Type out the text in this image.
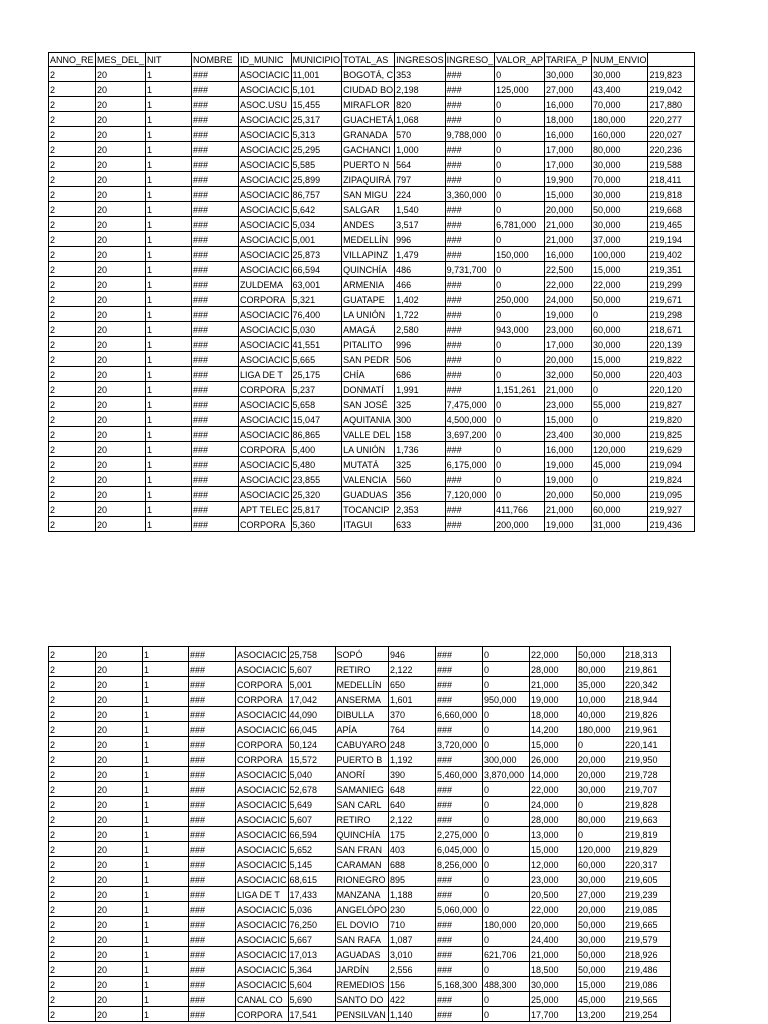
ANNO_RE	MES_DEL_	NIT	NOMBRE	ID_MUNIC	MUNICIPIO	TOTAL_AS	INGRESOS	INGRESO_	VALOR_AP	TARIFA_P	NUM_ENVIO	
2	20	1	###	ASOCIACIC	11,001	BOGOTÁ, C	353	###	0	30,000	30,000	219,823
2	20	1	###	ASOCIACIC	5,101	CIUDAD BO	2,198	###	125,000	27,000	43,400	219,042
2	20	1	###	ASOC.USU	15,455	MIRAFLOR	820	###	0	16,000	70,000	217,880
2	20	1	###	ASOCIACIC	25,317	GUACHETÁ	1,068	###	0	18,000	180,000	220,277
2	20	1	###	ASOCIACIC	5,313	GRANADA	570	9,788,000	0	16,000	160,000	220,027
2	20	1	###	ASOCIACIC	25,295	GACHANCI	1,000	###	0	17,000	80,000	220,236
2	20	1	###	ASOCIACIC	5,585	PUERTO N	564	###	0	17,000	30,000	219,588
2	20	1	###	ASOCIACIC	25,899	ZIPAQUIRÁ	797	###	0	19,900	70,000	218,411
2	20	1	###	ASOCIACIC	86,757	SAN MIGU	224	3,360,000	0	15,000	30,000	219,818
2	20	1	###	ASOCIACIC	5,642	SALGAR	1,540	###	0	20,000	50,000	219,668
2	20	1	###	ASOCIACIC	5,034	ANDES	3,517	###	6,781,000	21,000	30,000	219,465
2	20	1	###	ASOCIACIC	5,001	MEDELLÍN	996	###	0	21,000	37,000	219,194
2	20	1	###	ASOCIACIC	25,873	VILLAPINZ	1,479	###	150,000	16,000	100,000	219,402
2	20	1	###	ASOCIACIC	66,594	QUINCHÍA	486	9,731,700	0	22,500	15,000	219,351
2	20	1	###	ZULDEMA	63,001	ARMENIA	466	###	0	22,000	22,000	219,299
2	20	1	###	CORPORA	5,321	GUATAPE	1,402	###	250,000	24,000	50,000	219,671
2	20	1	###	ASOCIACIC	76,400	LA UNIÓN	1,722	###	0	19,000	0	219,298
2	20	1	###	ASOCIACIC	5,030	AMAGÁ	2,580	###	943,000	23,000	60,000	218,671
2	20	1	###	ASOCIACIC	41,551	PITALITO	996	###	0	17,000	30,000	220,139
2	20	1	###	ASOCIACIC	5,665	SAN PEDR	506	###	0	20,000	15,000	219,822
2	20	1	###	LIGA DE T	25,175	CHÍA	686	###	0	32,000	50,000	220,403
2	20	1	###	CORPORA	5,237	DONMATÍ	1,991	###	1,151,261	21,000	0	220,120
2	20	1	###	ASOCIACIC	5,658	SAN JOSÉ	325	7,475,000	0	23,000	55,000	219,827
2	20	1	###	ASOCIACIC	15,047	AQUITANIA	300	4,500,000	0	15,000	0	219,820
2	20	1	###	ASOCIACIC	86,865	VALLE DEL	158	3,697,200	0	23,400	30,000	219,825
2	20	1	###	CORPORA	5,400	LA UNIÓN	1,736	###	0	16,000	120,000	219,629
2	20	1	###	ASOCIACIC	5,480	MUTATÁ	325	6,175,000	0	19,000	45,000	219,094
2	20	1	###	ASOCIACIC	23,855	VALENCIA	560	###	0	19,000	0	219,824
2	20	1	###	ASOCIACIC	25,320	GUADUAS	356	7,120,000	0	20,000	50,000	219,095
2	20	1	###	APT TELEC	25,817	TOCANCIP	2,353	###	411,766	21,000	60,000	219,927
2	20	1	###	CORPORA	5,360	ITAGUI	633	###	200,000	19,000	31,000	219,436
2	20	1	###	ASOCIACIC	25,758	SOPÓ	946	###	0	22,000	50,000	218,313
2	20	1	###	ASOCIACIC	5,607	RETIRO	2,122	###	0	28,000	80,000	219,861
2	20	1	###	CORPORA	5,001	MEDELLÍN	650	###	0	21,000	35,000	220,342
2	20	1	###	CORPORA	17,042	ANSERMA	1,601	###	950,000	19,000	10,000	218,944
2	20	1	###	ASOCIACIC	44,090	DIBULLA	370	6,660,000	0	18,000	40,000	219,826
2	20	1	###	ASOCIACIC	66,045	APÍA	764	###	0	14,200	180,000	219,961
2	20	1	###	CORPORA	50,124	CABUYARO	248	3,720,000	0	15,000	0	220,141
2	20	1	###	CORPORA	15,572	PUERTO B	1,192	###	300,000	26,000	20,000	219,950
2	20	1	###	ASOCIACIC	5,040	ANORÍ	390	5,460,000	3,870,000	14,000	20,000	219,728
2	20	1	###	ASOCIACIC	52,678	SAMANIEG	648	###	0	22,000	30,000	219,707
2	20	1	###	ASOCIACIC	5,649	SAN CARL	640	###	0	24,000	0	219,828
2	20	1	###	ASOCIACIC	5,607	RETIRO	2,122	###	0	28,000	80,000	219,663
2	20	1	###	ASOCIACIC	66,594	QUINCHÍA	175	2,275,000	0	13,000	0	219,819
2	20	1	###	ASOCIACIC	5,652	SAN FRAN	403	6,045,000	0	15,000	120,000	219,829
2	20	1	###	ASOCIACIC	5,145	CARAMAN	688	8,256,000	0	12,000	60,000	220,317
2	20	1	###	ASOCIACIC	68,615	RIONEGRO	895	###	0	23,000	30,000	219,605
2	20	1	###	LIGA DE T	17,433	MANZANA	1,188	###	0	20,500	27,000	219,239
2	20	1	###	ASOCIACIC	5,036	ANGELÓPO	230	5,060,000	0	22,000	20,000	219,085
2	20	1	###	ASOCIACIC	76,250	EL DOVIO	710	###	180,000	20,000	50,000	219,665
2	20	1	###	ASOCIACIC	5,667	SAN RAFA	1,087	###	0	24,400	30,000	219,579
2	20	1	###	ASOCIACIC	17,013	AGUADAS	3,010	###	621,706	21,000	50,000	218,926
2	20	1	###	ASOCIACIC	5,364	JARDÍN	2,556	###	0	18,500	50,000	219,486
2	20	1	###	ASOCIACIC	5,604	REMEDIOS	156	5,168,300	488,300	30,000	15,000	219,086
2	20	1	###	CANAL CO	5,690	SANTO DO	422	###	0	25,000	45,000	219,565
2	20	1	###	CORPORA	17,541	PENSILVAN	1,140	###	0	17,700	13,200	219,254
